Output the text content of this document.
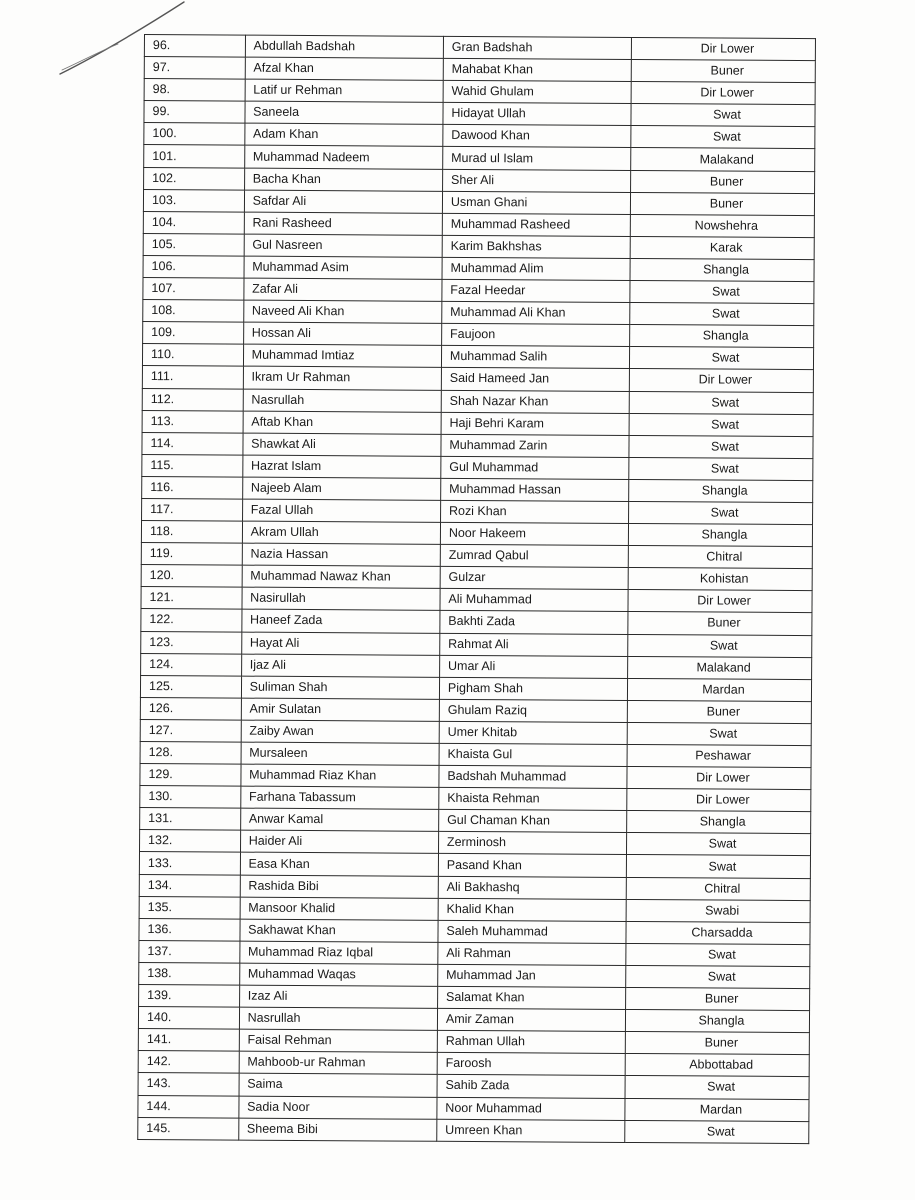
96.	Abdullah Badshah	Gran Badshah	Dir Lower
97.	Afzal Khan	Mahabat Khan	Buner
98.	Latif ur Rehman	Wahid Ghulam	Dir Lower
99.	Saneela	Hidayat Ullah	Swat
100.	Adam Khan	Dawood Khan	Swat
101.	Muhammad Nadeem	Murad ul Islam	Malakand
102.	Bacha Khan	Sher Ali	Buner
103.	Safdar Ali	Usman Ghani	Buner
104.	Rani Rasheed	Muhammad Rasheed	Nowshehra
105.	Gul Nasreen	Karim Bakhshas	Karak
106.	Muhammad Asim	Muhammad Alim	Shangla
107.	Zafar Ali	Fazal Heedar	Swat
108.	Naveed Ali Khan	Muhammad Ali Khan	Swat
109.	Hossan Ali	Faujoon	Shangla
110.	Muhammad Imtiaz	Muhammad Salih	Swat
111.	Ikram Ur Rahman	Said Hameed Jan	Dir Lower
112.	Nasrullah	Shah Nazar Khan	Swat
113.	Aftab Khan	Haji Behri Karam	Swat
114.	Shawkat Ali	Muhammad Zarin	Swat
115.	Hazrat Islam	Gul Muhammad	Swat
116.	Najeeb Alam	Muhammad Hassan	Shangla
117.	Fazal Ullah	Rozi Khan	Swat
118.	Akram Ullah	Noor Hakeem	Shangla
119.	Nazia Hassan	Zumrad Qabul	Chitral
120.	Muhammad Nawaz Khan	Gulzar	Kohistan
121.	Nasirullah	Ali Muhammad	Dir Lower
122.	Haneef Zada	Bakhti Zada	Buner
123.	Hayat Ali	Rahmat Ali	Swat
124.	Ijaz Ali	Umar Ali	Malakand
125.	Suliman Shah	Pigham Shah	Mardan
126.	Amir Sulatan	Ghulam Raziq	Buner
127.	Zaiby Awan	Umer Khitab	Swat
128.	Mursaleen	Khaista Gul	Peshawar
129.	Muhammad Riaz Khan	Badshah Muhammad	Dir Lower
130.	Farhana Tabassum	Khaista Rehman	Dir Lower
131.	Anwar Kamal	Gul Chaman Khan	Shangla
132.	Haider Ali	Zerminosh	Swat
133.	Easa Khan	Pasand Khan	Swat
134.	Rashida Bibi	Ali Bakhashq	Chitral
135.	Mansoor Khalid	Khalid Khan	Swabi
136.	Sakhawat Khan	Saleh Muhammad	Charsadda
137.	Muhammad Riaz Iqbal	Ali Rahman	Swat
138.	Muhammad Waqas	Muhammad Jan	Swat
139.	Izaz Ali	Salamat Khan	Buner
140.	Nasrullah	Amir Zaman	Shangla
141.	Faisal Rehman	Rahman Ullah	Buner
142.	Mahboob-ur Rahman	Faroosh	Abbottabad
143.	Saima	Sahib Zada	Swat
144.	Sadia Noor	Noor Muhammad	Mardan
145.	Sheema Bibi	Umreen Khan	Swat
